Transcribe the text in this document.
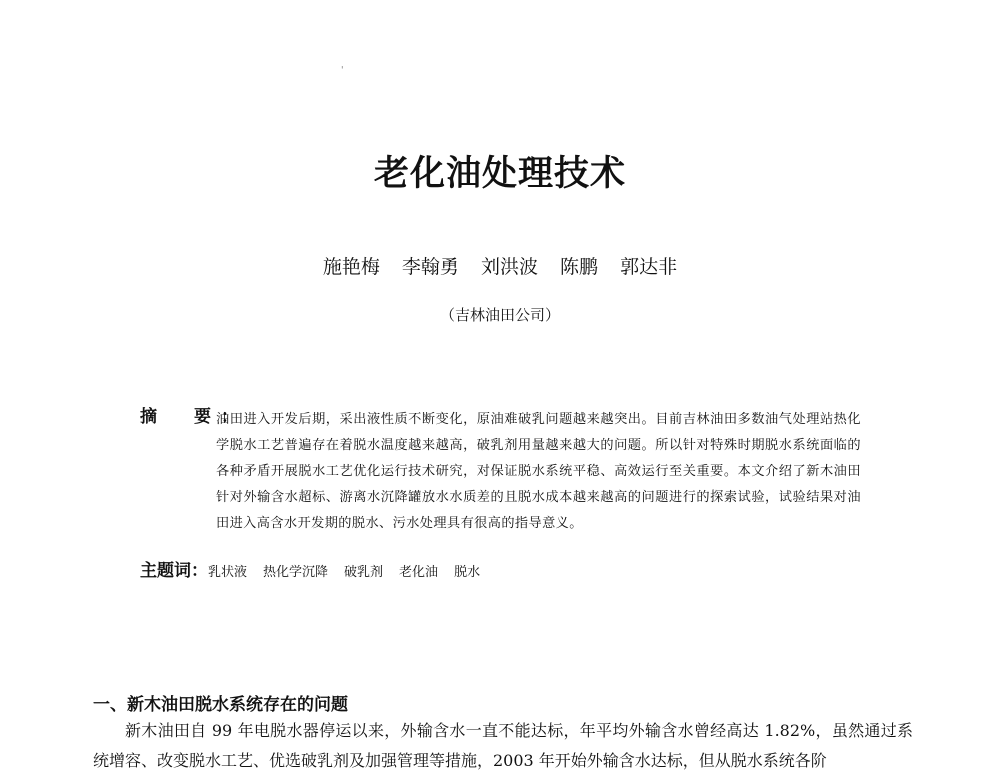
'
老化油处理技术
施艳梅 李翰勇 刘洪波 陈鹏 郭达非
（吉林油田公司）
摘　要：
油田进入开发后期，采出液性质不断变化，原油难破乳问题越来越突出。目前吉林油田多数油气处理站热化学脱水工艺普遍存在着脱水温度越来越高，破乳剂用量越来越大的问题。所以针对特殊时期脱水系统面临的各种矛盾开展脱水工艺优化运行技术研究，对保证脱水系统平稳、高效运行至关重要。本文介绍了新木油田针对外输含水超标、游离水沉降罐放水水质差的且脱水成本越来越高的问题进行的探索试验，试验结果对油田进入高含水开发期的脱水、污水处理具有很高的指导意义。
主题词：乳状液 热化学沉降 破乳剂 老化油 脱水
一、新木油田脱水系统存在的问题
新木油田自 99 年电脱水器停运以来，外输含水一直不能达标，年平均外输含水曾经高达 1.82%，虽然通过系统增容、改变脱水工艺、优选破乳剂及加强管理等措施，2003 年开始外输含水达标，但从脱水系统各阶
